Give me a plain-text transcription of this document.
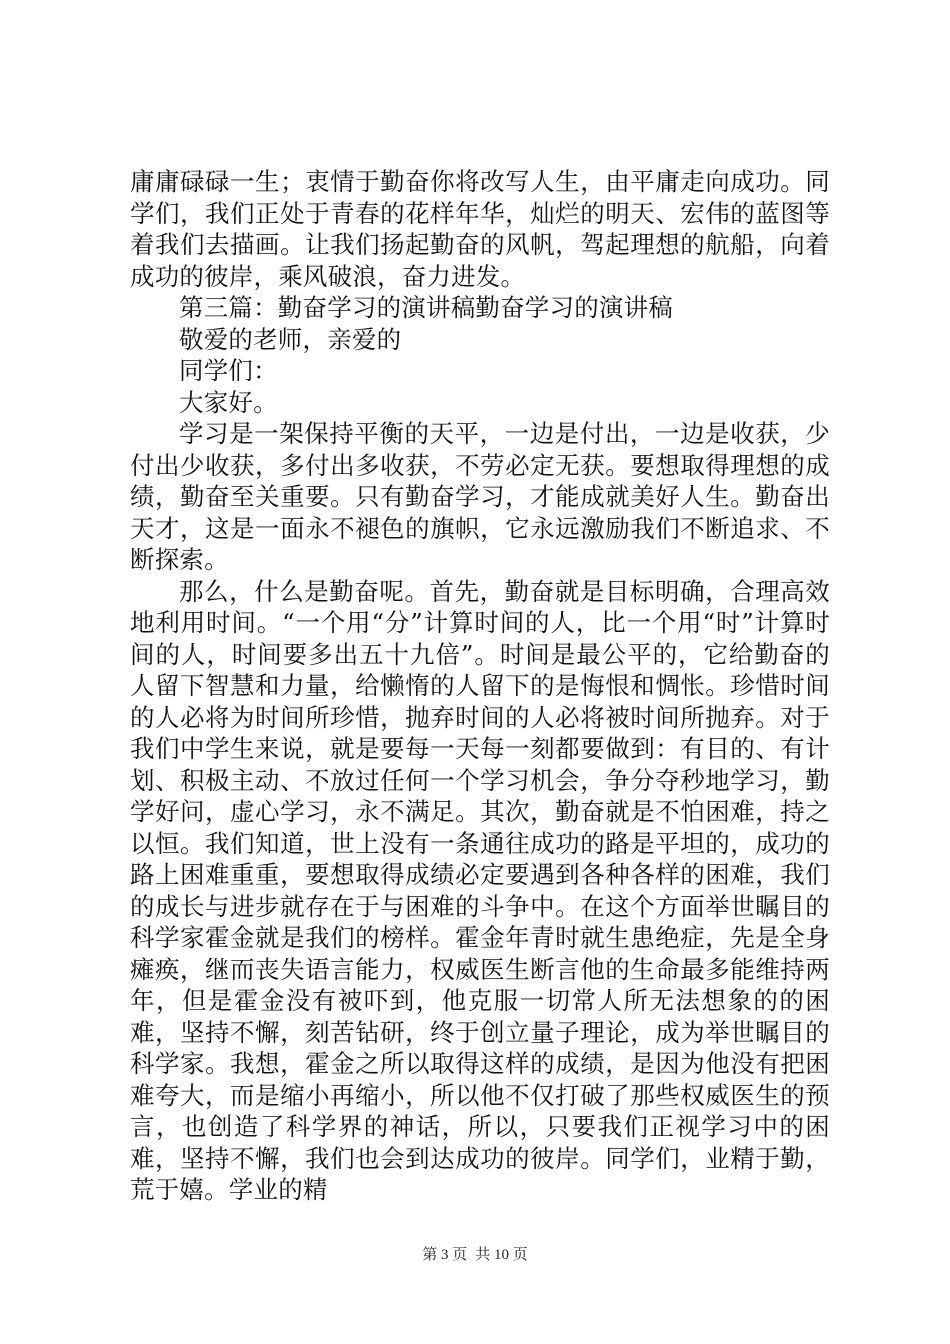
庸庸碌碌一生；衷情于勤奋你将改写人生，由平庸走向成功。同学们，我们正处于青春的花样年华，灿烂的明天、宏伟的蓝图等着我们去描画。让我们扬起勤奋的风帆，驾起理想的航船，向着成功的彼岸，乘风破浪，奋力进发。

第三篇：勤奋学习的演讲稿勤奋学习的演讲稿

敬爱的老师，亲爱的

同学们：

大家好。

学习是一架保持平衡的天平，一边是付出，一边是收获，少付出少收获，多付出多收获，不劳必定无获。要想取得理想的成绩，勤奋至关重要。只有勤奋学习，才能成就美好人生。勤奋出天才，这是一面永不褪色的旗帜，它永远激励我们不断追求、不断探索。

那么，什么是勤奋呢。首先，勤奋就是目标明确，合理高效地利用时间。“一个用“分”计算时间的人，比一个用“时”计算时间的人，时间要多出五十九倍”。时间是最公平的，它给勤奋的人留下智慧和力量，给懒惰的人留下的是悔恨和惆怅。珍惜时间的人必将为时间所珍惜，抛弃时间的人必将被时间所抛弃。对于我们中学生来说，就是要每一天每一刻都要做到：有目的、有计划、积极主动、不放过任何一个学习机会，争分夺秒地学习，勤学好问，虚心学习，永不满足。其次，勤奋就是不怕困难，持之以恒。我们知道，世上没有一条通往成功的路是平坦的，成功的路上困难重重，要想取得成绩必定要遇到各种各样的困难，我们的成长与进步就存在于与困难的斗争中。在这个方面举世瞩目的科学家霍金就是我们的榜样。霍金年青时就生患绝症，先是全身瘫痪，继而丧失语言能力，权威医生断言他的生命最多能维持两年，但是霍金没有被吓到，他克服一切常人所无法想象的的困难，坚持不懈，刻苦钻研，终于创立量子理论，成为举世瞩目的科学家。我想，霍金之所以取得这样的成绩，是因为他没有把困难夸大，而是缩小再缩小，所以他不仅打破了那些权威医生的预言，也创造了科学界的神话，所以，只要我们正视学习中的困难，坚持不懈，我们也会到达成功的彼岸。同学们，业精于勤，荒于嬉。学业的精

第 3 页 共 10 页
